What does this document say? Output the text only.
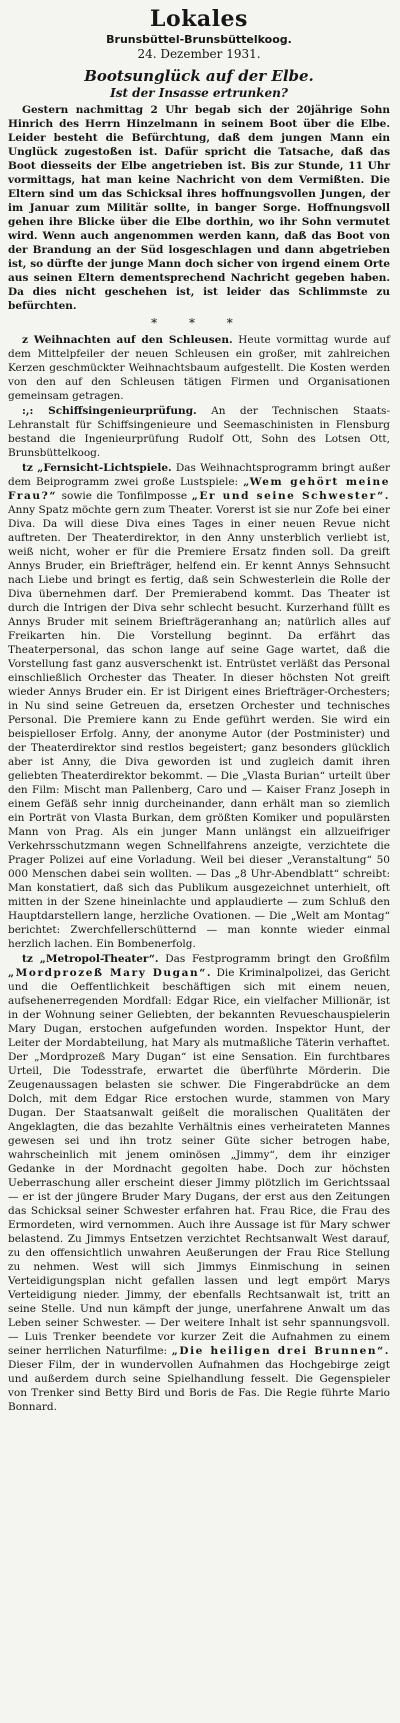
Lokales
Brunsbüttel-Brunsbüttelkoog.
24. Dezember 1931.
Bootsunglück auf der Elbe.
Ist der Insasse ertrunken?

Gestern nachmittag 2 Uhr begab sich der 20jährige Sohn Hinrich des Herrn Hinzelmann in seinem Boot über die Elbe. Leider besteht die Befürchtung, daß dem jungen Mann ein Unglück zugestoßen ist. Dafür spricht die Tatsache, daß das Boot diesseits der Elbe angetrieben ist. Bis zur Stunde, 11 Uhr vormittags, hat man keine Nachricht von dem Vermißten. Die Eltern sind um das Schicksal ihres hoffnungsvollen Jungen, der im Januar zum Militär sollte, in banger Sorge. Hoffnungsvoll gehen ihre Blicke über die Elbe dorthin, wo ihr Sohn vermutet wird. Wenn auch angenommen werden kann, daß das Boot von der Brandung an der Süd losgeschlagen und dann abgetrieben ist, so dürfte der junge Mann doch sicher von irgend einem Orte aus seinen Eltern dementsprechend Nachricht gegeben haben. Da dies nicht geschehen ist, ist leider das Schlimmste zu befürchten.

* * *

z Weihnachten auf den Schleusen. Heute vormittag wurde auf dem Mittelpfeiler der neuen Schleusen ein großer, mit zahlreichen Kerzen geschmückter Weihnachtsbaum aufgestellt. Die Kosten werden von den auf den Schleusen tätigen Firmen und Organisationen gemeinsam getragen.

:,: Schiffsingenieurprüfung. An der Technischen Staats-Lehranstalt für Schiffsingenieure und Seemaschinisten in Flensburg bestand die Ingenieurprüfung Rudolf Ott, Sohn des Lotsen Ott, Brunsbüttelkoog.

tz „Fernsicht-Lichtspiele. Das Weihnachtsprogramm bringt außer dem Beiprogramm zwei große Lustspiele: „Wem gehört meine Frau?“ sowie die Tonfilmposse „Er und seine Schwester“. Anny Spatz möchte gern zum Theater. Vorerst ist sie nur Zofe bei einer Diva. Da will diese Diva eines Tages in einer neuen Revue nicht auftreten. Der Theaterdirektor, in den Anny unsterblich verliebt ist, weiß nicht, woher er für die Premiere Ersatz finden soll. Da greift Annys Bruder, ein Briefträger, helfend ein. Er kennt Annys Sehnsucht nach Liebe und bringt es fertig, daß sein Schwesterlein die Rolle der Diva übernehmen darf. Der Premierabend kommt. Das Theater ist durch die Intrigen der Diva sehr schlecht besucht. Kurzerhand füllt es Annys Bruder mit seinem Briefträgeranhang an; natürlich alles auf Freikarten hin. Die Vorstellung beginnt. Da erfährt das Theaterpersonal, das schon lange auf seine Gage wartet, daß die Vorstellung fast ganz ausverschenkt ist. Entrüstet verläßt das Personal einschließlich Orchester das Theater. In dieser höchsten Not greift wieder Annys Bruder ein. Er ist Dirigent eines Briefträger-Orchesters; in Nu sind seine Getreuen da, ersetzen Orchester und technisches Personal. Die Premiere kann zu Ende geführt werden. Sie wird ein beispielloser Erfolg. Anny, der anonyme Autor (der Postminister) und der Theaterdirektor sind restlos begeistert; ganz besonders glücklich aber ist Anny, die Diva geworden ist und zugleich damit ihren geliebten Theaterdirektor bekommt. — Die „Vlasta Burian“ urteilt über den Film: Mischt man Pallenberg, Caro und — Kaiser Franz Joseph in einem Gefäß sehr innig durcheinander, dann erhält man so ziemlich ein Porträt von Vlasta Burkan, dem größten Komiker und populärsten Mann von Prag. Als ein junger Mann unlängst ein allzueifriger Verkehrsschutzmann wegen Schnellfahrens anzeigte, verzichtete die Prager Polizei auf eine Vorladung. Weil bei dieser „Veranstaltung“ 50 000 Menschen dabei sein wollten. — Das „8 Uhr-Abendblatt“ schreibt: Man konstatiert, daß sich das Publikum ausgezeichnet unterhielt, oft mitten in der Szene hineinlachte und applaudierte — zum Schluß den Hauptdarstellern lange, herzliche Ovationen. — Die „Welt am Montag“ berichtet: Zwerchfellerschütternd — man konnte wieder einmal herzlich lachen. Ein Bombenerfolg.

tz „Metropol-Theater“. Das Festprogramm bringt den Großfilm „Mordprozeß Mary Dugan“. Die Kriminalpolizei, das Gericht und die Oeffentlichkeit beschäftigen sich mit einem neuen, aufsehenerregenden Mordfall: Edgar Rice, ein vielfacher Millionär, ist in der Wohnung seiner Geliebten, der bekannten Revueschauspielerin Mary Dugan, erstochen aufgefunden worden. Inspektor Hunt, der Leiter der Mordabteilung, hat Mary als mutmaßliche Täterin verhaftet. Der „Mordprozeß Mary Dugan“ ist eine Sensation. Ein furchtbares Urteil, Die Todesstrafe, erwartet die überführte Mörderin. Die Zeugenaussagen belasten sie schwer. Die Fingerabdrücke an dem Dolch, mit dem Edgar Rice erstochen wurde, stammen von Mary Dugan. Der Staatsanwalt geißelt die moralischen Qualitäten der Angeklagten, die das bezahlte Verhältnis eines verheirateten Mannes gewesen sei und ihn trotz seiner Güte sicher betrogen habe, wahrscheinlich mit jenem ominösen „Jimmy“, dem ihr einziger Gedanke in der Mordnacht gegolten habe. Doch zur höchsten Ueberraschung aller erscheint dieser Jimmy plötzlich im Gerichtssaal — er ist der jüngere Bruder Mary Dugans, der erst aus den Zeitungen das Schicksal seiner Schwester erfahren hat. Frau Rice, die Frau des Ermordeten, wird vernommen. Auch ihre Aussage ist für Mary schwer belastend. Zu Jimmys Entsetzen verzichtet Rechtsanwalt West darauf, zu den offensichtlich unwahren Aeußerungen der Frau Rice Stellung zu nehmen. West will sich Jimmys Einmischung in seinen Verteidigungsplan nicht gefallen lassen und legt empört Marys Verteidigung nieder. Jimmy, der ebenfalls Rechtsanwalt ist, tritt an seine Stelle. Und nun kämpft der junge, unerfahrene Anwalt um das Leben seiner Schwester. — Der weitere Inhalt ist sehr spannungsvoll. — Luis Trenker beendete vor kurzer Zeit die Aufnahmen zu einem seiner herrlichen Naturfilme: „Die heiligen drei Brunnen“. Dieser Film, der in wundervollen Aufnahmen das Hochgebirge zeigt und außerdem durch seine Spielhandlung fesselt. Die Gegenspieler von Trenker sind Betty Bird und Boris de Fas. Die Regie führte Mario Bonnard.
